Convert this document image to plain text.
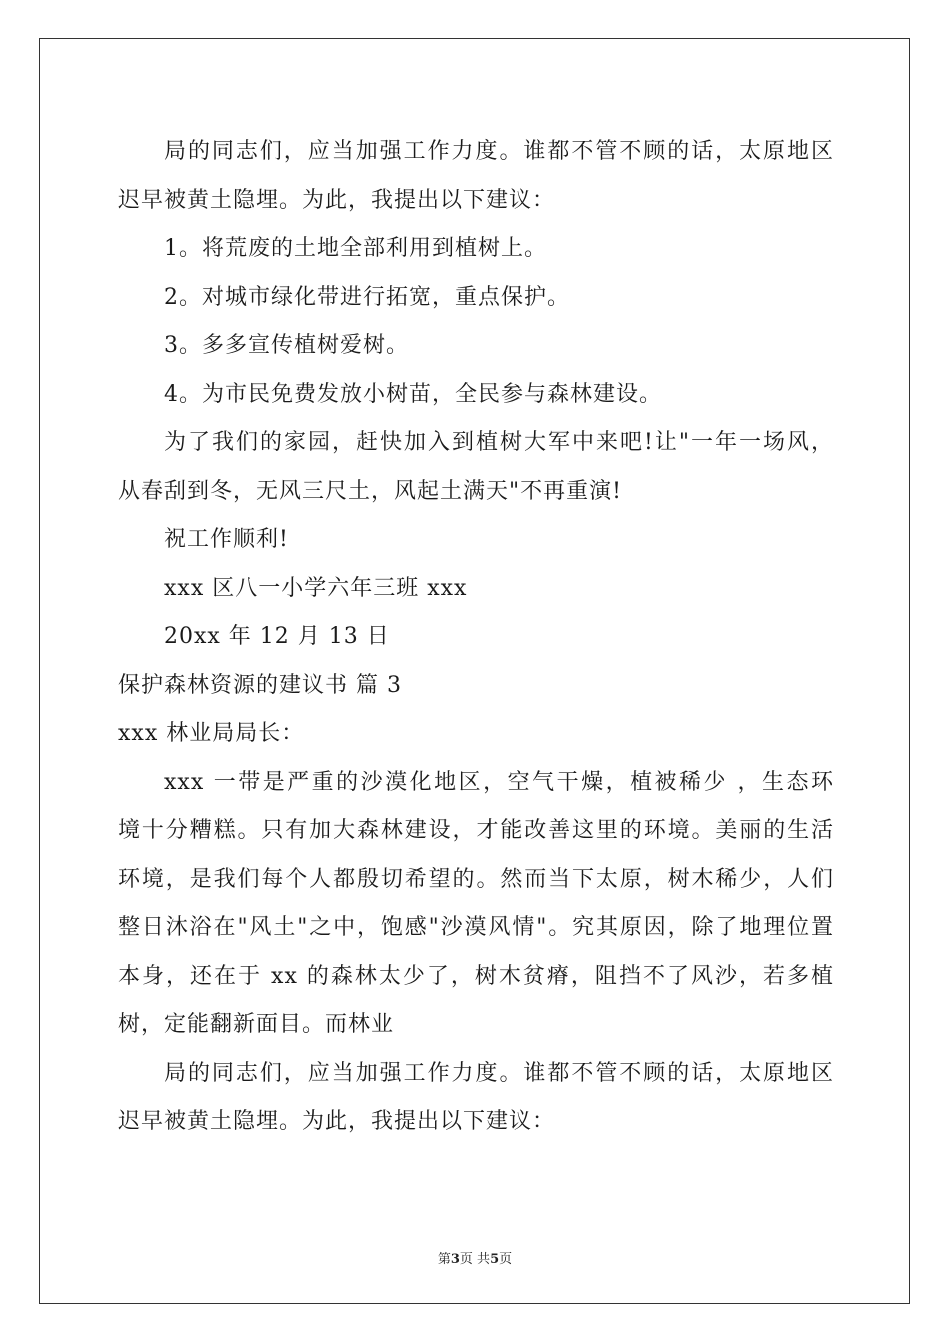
局的同志们，应当加强工作力度。谁都不管不顾的话，太原地区
迟早被黄土隐埋。为此，我提出以下建议：
1。将荒废的土地全部利用到植树上。
2。对城市绿化带进行拓宽，重点保护。
3。多多宣传植树爱树。
4。为市民免费发放小树苗，全民参与森林建设。
为了我们的家园，赶快加入到植树大军中来吧!让"一年一场风，
从春刮到冬，无风三尺土，风起土满天"不再重演!
祝工作顺利!
xxx 区八一小学六年三班 xxx
20xx 年 12 月 13 日
保护森林资源的建议书 篇 3
xxx 林业局局长：
xxx 一带是严重的沙漠化地区，空气干燥，植被稀少 ，生态环
境十分糟糕。只有加大森林建设，才能改善这里的环境。美丽的生活
环境，是我们每个人都殷切希望的。然而当下太原，树木稀少，人们
整日沐浴在"风土"之中，饱感"沙漠风情"。究其原因，除了地理位置
本身，还在于 xx 的森林太少了，树木贫瘠，阻挡不了风沙，若多植
树，定能翻新面目。而林业
局的同志们，应当加强工作力度。谁都不管不顾的话，太原地区
迟早被黄土隐埋。为此，我提出以下建议：
第3页 共5页
